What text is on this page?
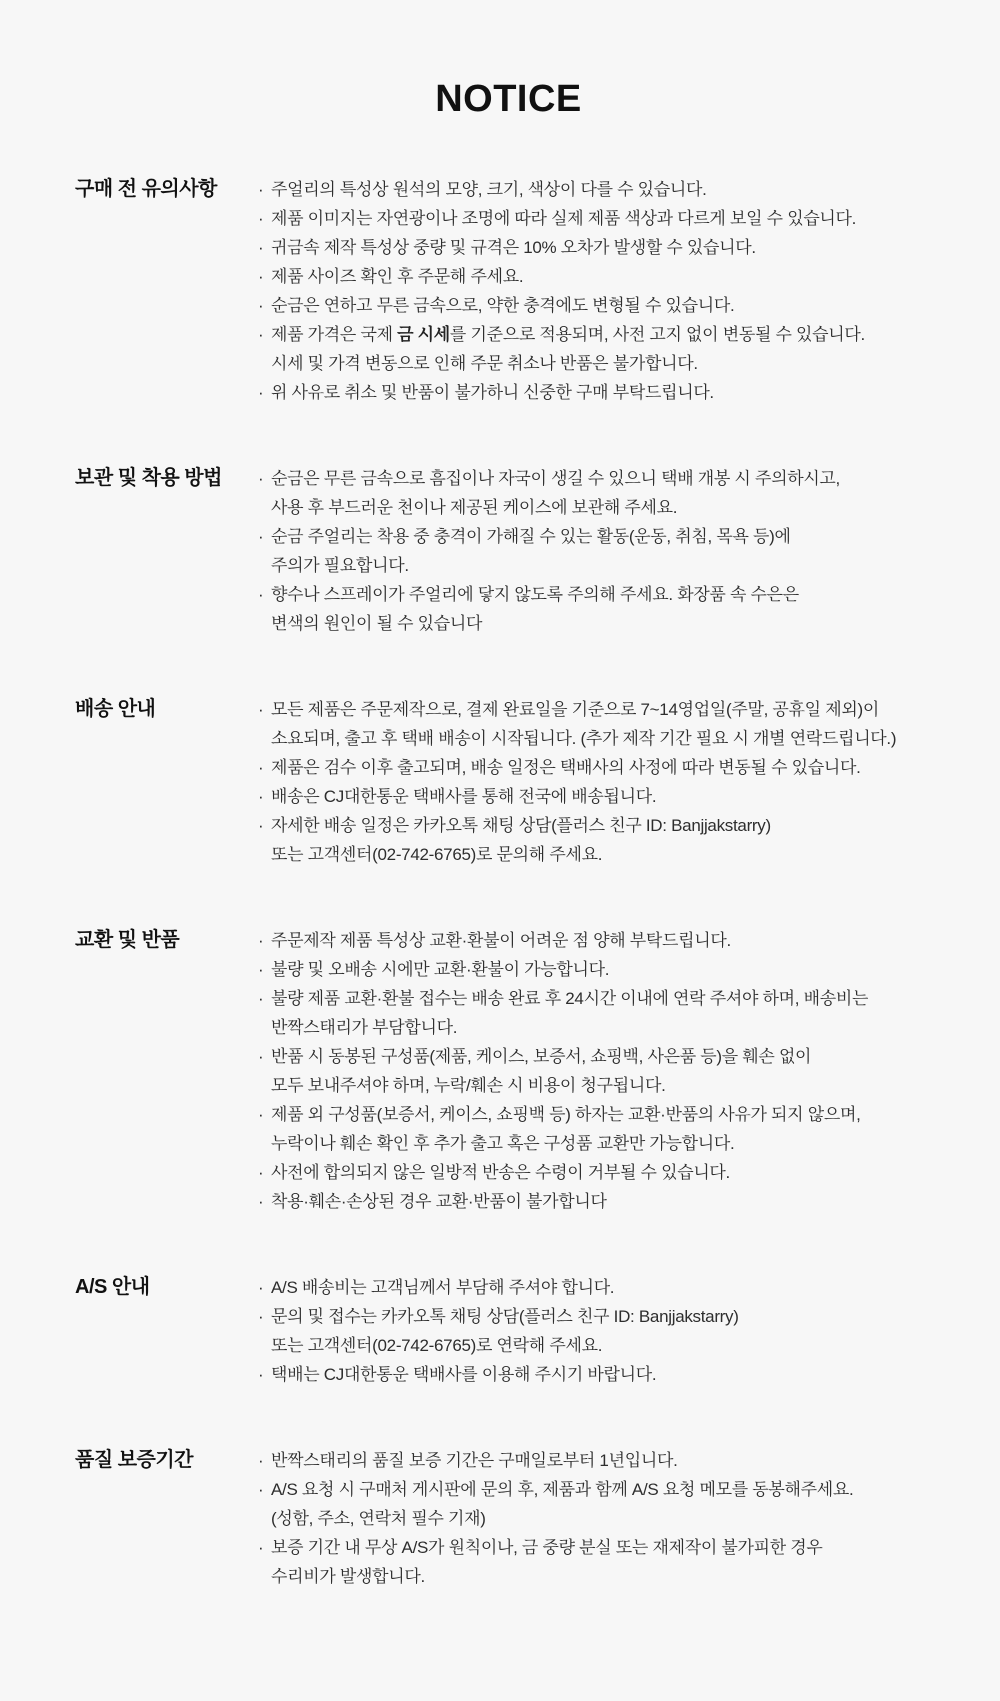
NOTICE
구매 전 유의사항	· 주얼리의 특성상 원석의 모양, 크기, 색상이 다를 수 있습니다.
· 제품 이미지는 자연광이나 조명에 따라 실제 제품 색상과 다르게 보일 수 있습니다.
· 귀금속 제작 특성상 중량 및 규격은 10% 오차가 발생할 수 있습니다.
· 제품 사이즈 확인 후 주문해 주세요.
· 순금은 연하고 무른 금속으로, 약한 충격에도 변형될 수 있습니다.
· 제품 가격은 국제 금 시세를 기준으로 적용되며, 사전 고지 없이 변동될 수 있습니다.
시세 및 가격 변동으로 인해 주문 취소나 반품은 불가합니다.
· 위 사유로 취소 및 반품이 불가하니 신중한 구매 부탁드립니다.
보관 및 착용 방법	· 순금은 무른 금속으로 흠집이나 자국이 생길 수 있으니 택배 개봉 시 주의하시고,
사용 후 부드러운 천이나 제공된 케이스에 보관해 주세요.
· 순금 주얼리는 착용 중 충격이 가해질 수 있는 활동(운동, 취침, 목욕 등)에
주의가 필요합니다.
· 향수나 스프레이가 주얼리에 닿지 않도록 주의해 주세요. 화장품 속 수은은
변색의 원인이 될 수 있습니다
배송 안내	· 모든 제품은 주문제작으로, 결제 완료일을 기준으로 7~14영업일(주말, 공휴일 제외)이
소요되며, 출고 후 택배 배송이 시작됩니다. (추가 제작 기간 필요 시 개별 연락드립니다.)
· 제품은 검수 이후 출고되며, 배송 일정은 택배사의 사정에 따라 변동될 수 있습니다.
· 배송은 CJ대한통운 택배사를 통해 전국에 배송됩니다.
· 자세한 배송 일정은 카카오톡 채팅 상담(플러스 친구 ID: Banjjakstarry)
또는 고객센터(02-742-6765)로 문의해 주세요.
교환 및 반품	· 주문제작 제품 특성상 교환·환불이 어려운 점 양해 부탁드립니다.
· 불량 및 오배송 시에만 교환·환불이 가능합니다.
· 불량 제품 교환·환불 접수는 배송 완료 후 24시간 이내에 연락 주셔야 하며, 배송비는
반짝스태리가 부담합니다.
· 반품 시 동봉된 구성품(제품, 케이스, 보증서, 쇼핑백, 사은품 등)을 훼손 없이
모두 보내주셔야 하며, 누락/훼손 시 비용이 청구됩니다.
· 제품 외 구성품(보증서, 케이스, 쇼핑백 등) 하자는 교환·반품의 사유가 되지 않으며,
누락이나 훼손 확인 후 추가 출고 혹은 구성품 교환만 가능합니다.
· 사전에 합의되지 않은 일방적 반송은 수령이 거부될 수 있습니다.
· 착용·훼손·손상된 경우 교환·반품이 불가합니다
A/S 안내	· A/S 배송비는 고객님께서 부담해 주셔야 합니다.
· 문의 및 접수는 카카오톡 채팅 상담(플러스 친구 ID: Banjjakstarry)
또는 고객센터(02-742-6765)로 연락해 주세요.
· 택배는 CJ대한통운 택배사를 이용해 주시기 바랍니다.
품질 보증기간	· 반짝스태리의 품질 보증 기간은 구매일로부터 1년입니다.
· A/S 요청 시 구매처 게시판에 문의 후, 제품과 함께 A/S 요청 메모를 동봉해주세요.
(성함, 주소, 연락처 필수 기재)
· 보증 기간 내 무상 A/S가 원칙이나, 금 중량 분실 또는 재제작이 불가피한 경우
수리비가 발생합니다.
